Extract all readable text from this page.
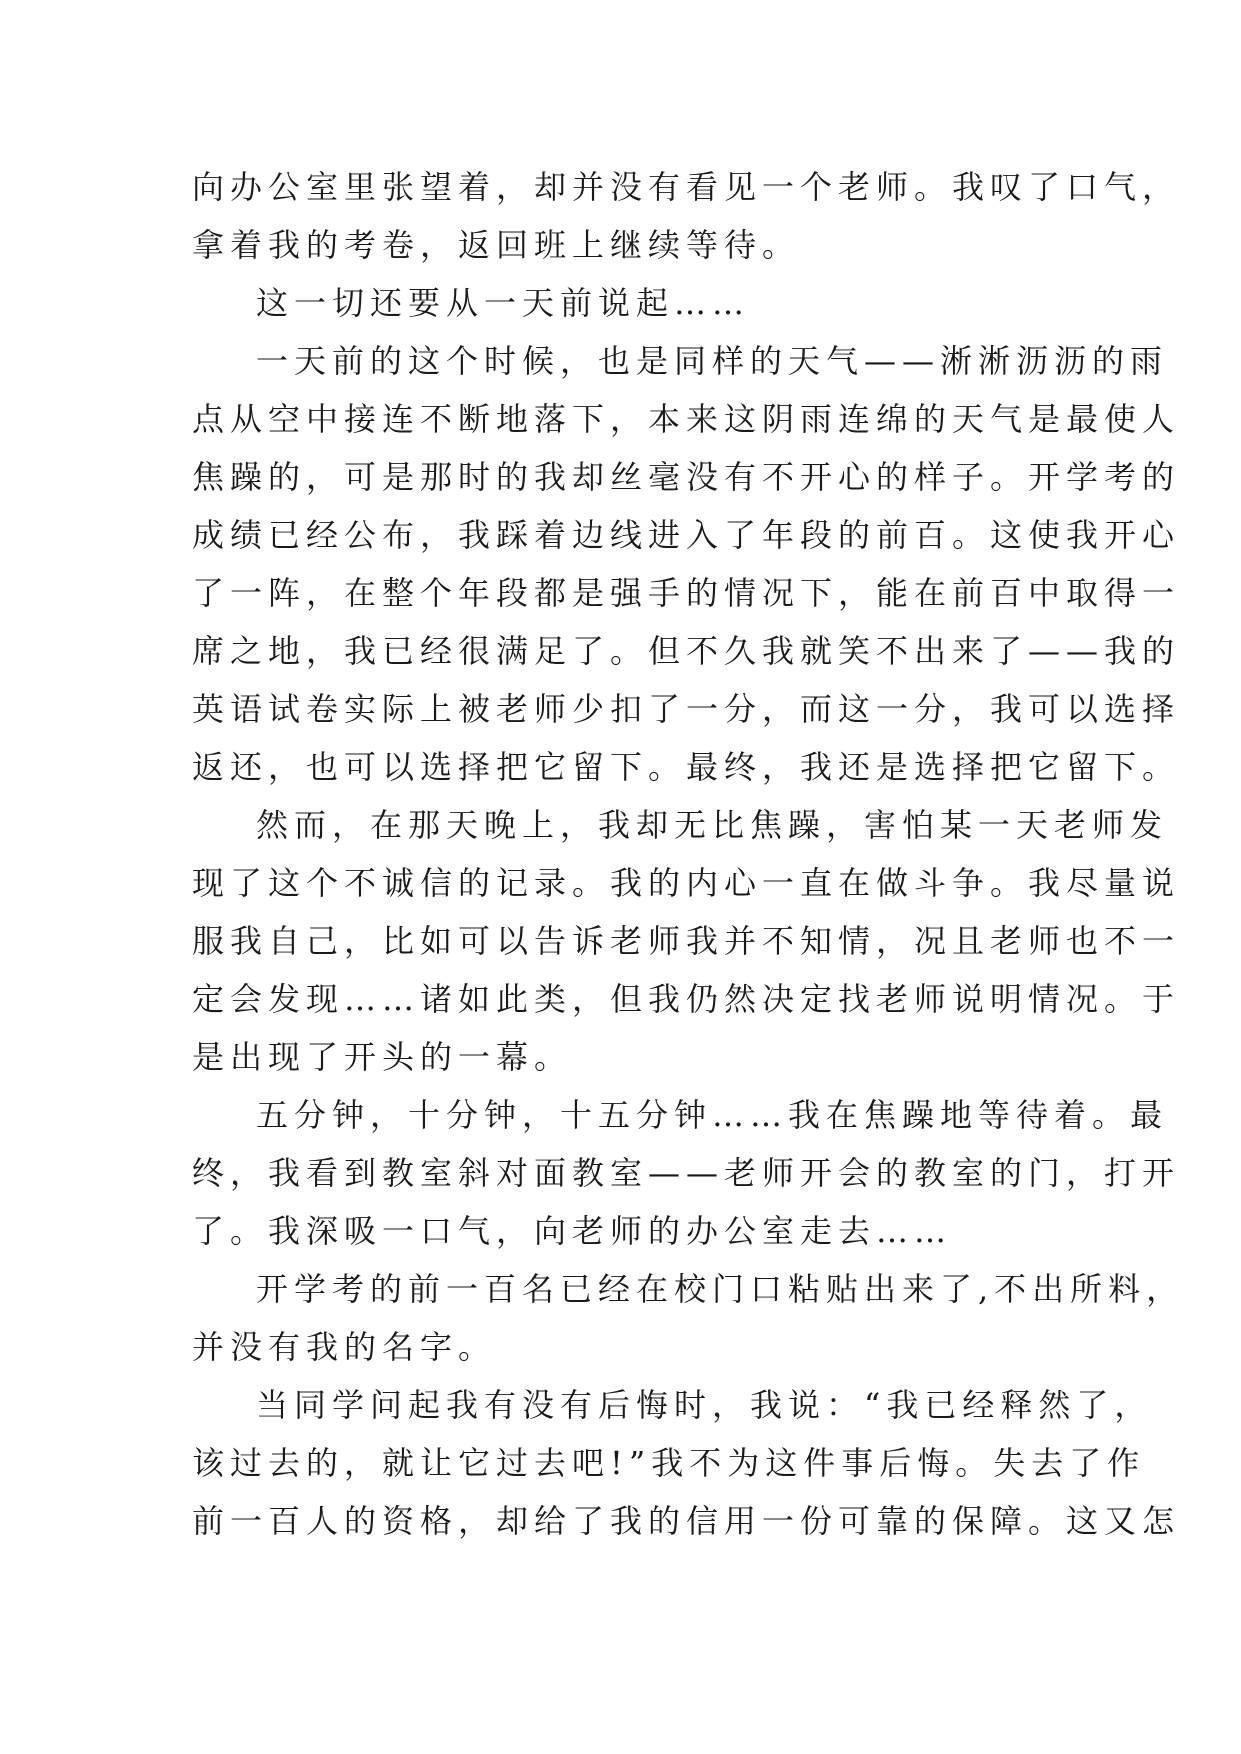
向办公室里张望着，却并没有看见一个老师。我叹了口气，
拿着我的考卷，返回班上继续等待。
这一切还要从一天前说起……
一天前的这个时候，也是同样的天气——淅淅沥沥的雨
点从空中接连不断地落下，本来这阴雨连绵的天气是最使人
焦躁的，可是那时的我却丝毫没有不开心的样子。开学考的
成绩已经公布，我踩着边线进入了年段的前百。这使我开心
了一阵，在整个年段都是强手的情况下，能在前百中取得一
席之地，我已经很满足了。但不久我就笑不出来了——我的
英语试卷实际上被老师少扣了一分，而这一分，我可以选择
返还，也可以选择把它留下。最终，我还是选择把它留下。
然而，在那天晚上，我却无比焦躁，害怕某一天老师发
现了这个不诚信的记录。我的内心一直在做斗争。我尽量说
服我自己，比如可以告诉老师我并不知情，况且老师也不一
定会发现……诸如此类，但我仍然决定找老师说明情况。于
是出现了开头的一幕。
五分钟，十分钟，十五分钟……我在焦躁地等待着。最
终，我看到教室斜对面教室——老师开会的教室的门，打开
了。我深吸一口气，向老师的办公室走去……
开学考的前一百名已经在校门口粘贴出来了,不出所料，
并没有我的名字。
当同学问起我有没有后悔时，我说：“我已经释然了，
该过去的，就让它过去吧!”我不为这件事后悔。失去了作
前一百人的资格，却给了我的信用一份可靠的保障。这又怎
